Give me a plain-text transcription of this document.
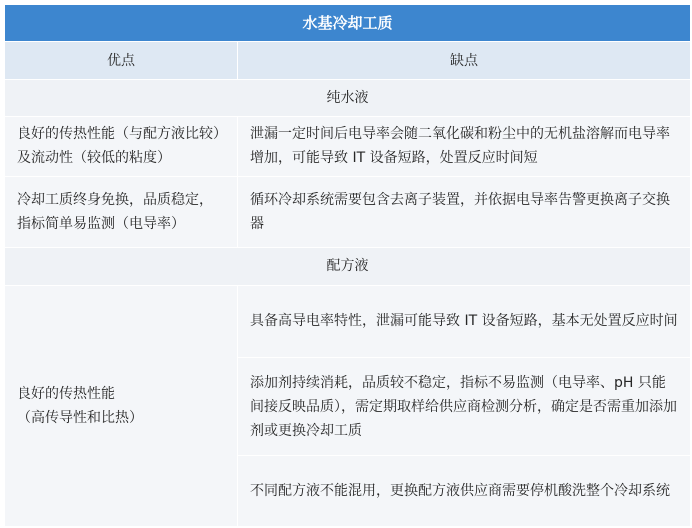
水基冷却工质	
优点	缺点
纯水液	
良好的传热性能（与配方液比较）及流动性（较低的粘度）	泄漏一定时间后电导率会随二氧化碳和粉尘中的无机盐溶解而电导率增加，可能导致 IT 设备短路，处置反应时间短
冷却工质终身免换，品质稳定，指标简单易监测（电导率）	循环冷却系统需要包含去离子装置，并依据电导率告警更换离子交换器
配方液	

良好的传热性能
（高传导性和比热）	具备高导电率特性，泄漏可能导致 IT 设备短路，基本无处置反应时间
	添加剂持续消耗，品质较不稳定，指标不易监测（电导率、pH 只能间接反映品质），需定期取样给供应商检测分析，确定是否需重加添加剂或更换冷却工质
	不同配方液不能混用，更换配方液供应商需要停机酸洗整个冷却系统
